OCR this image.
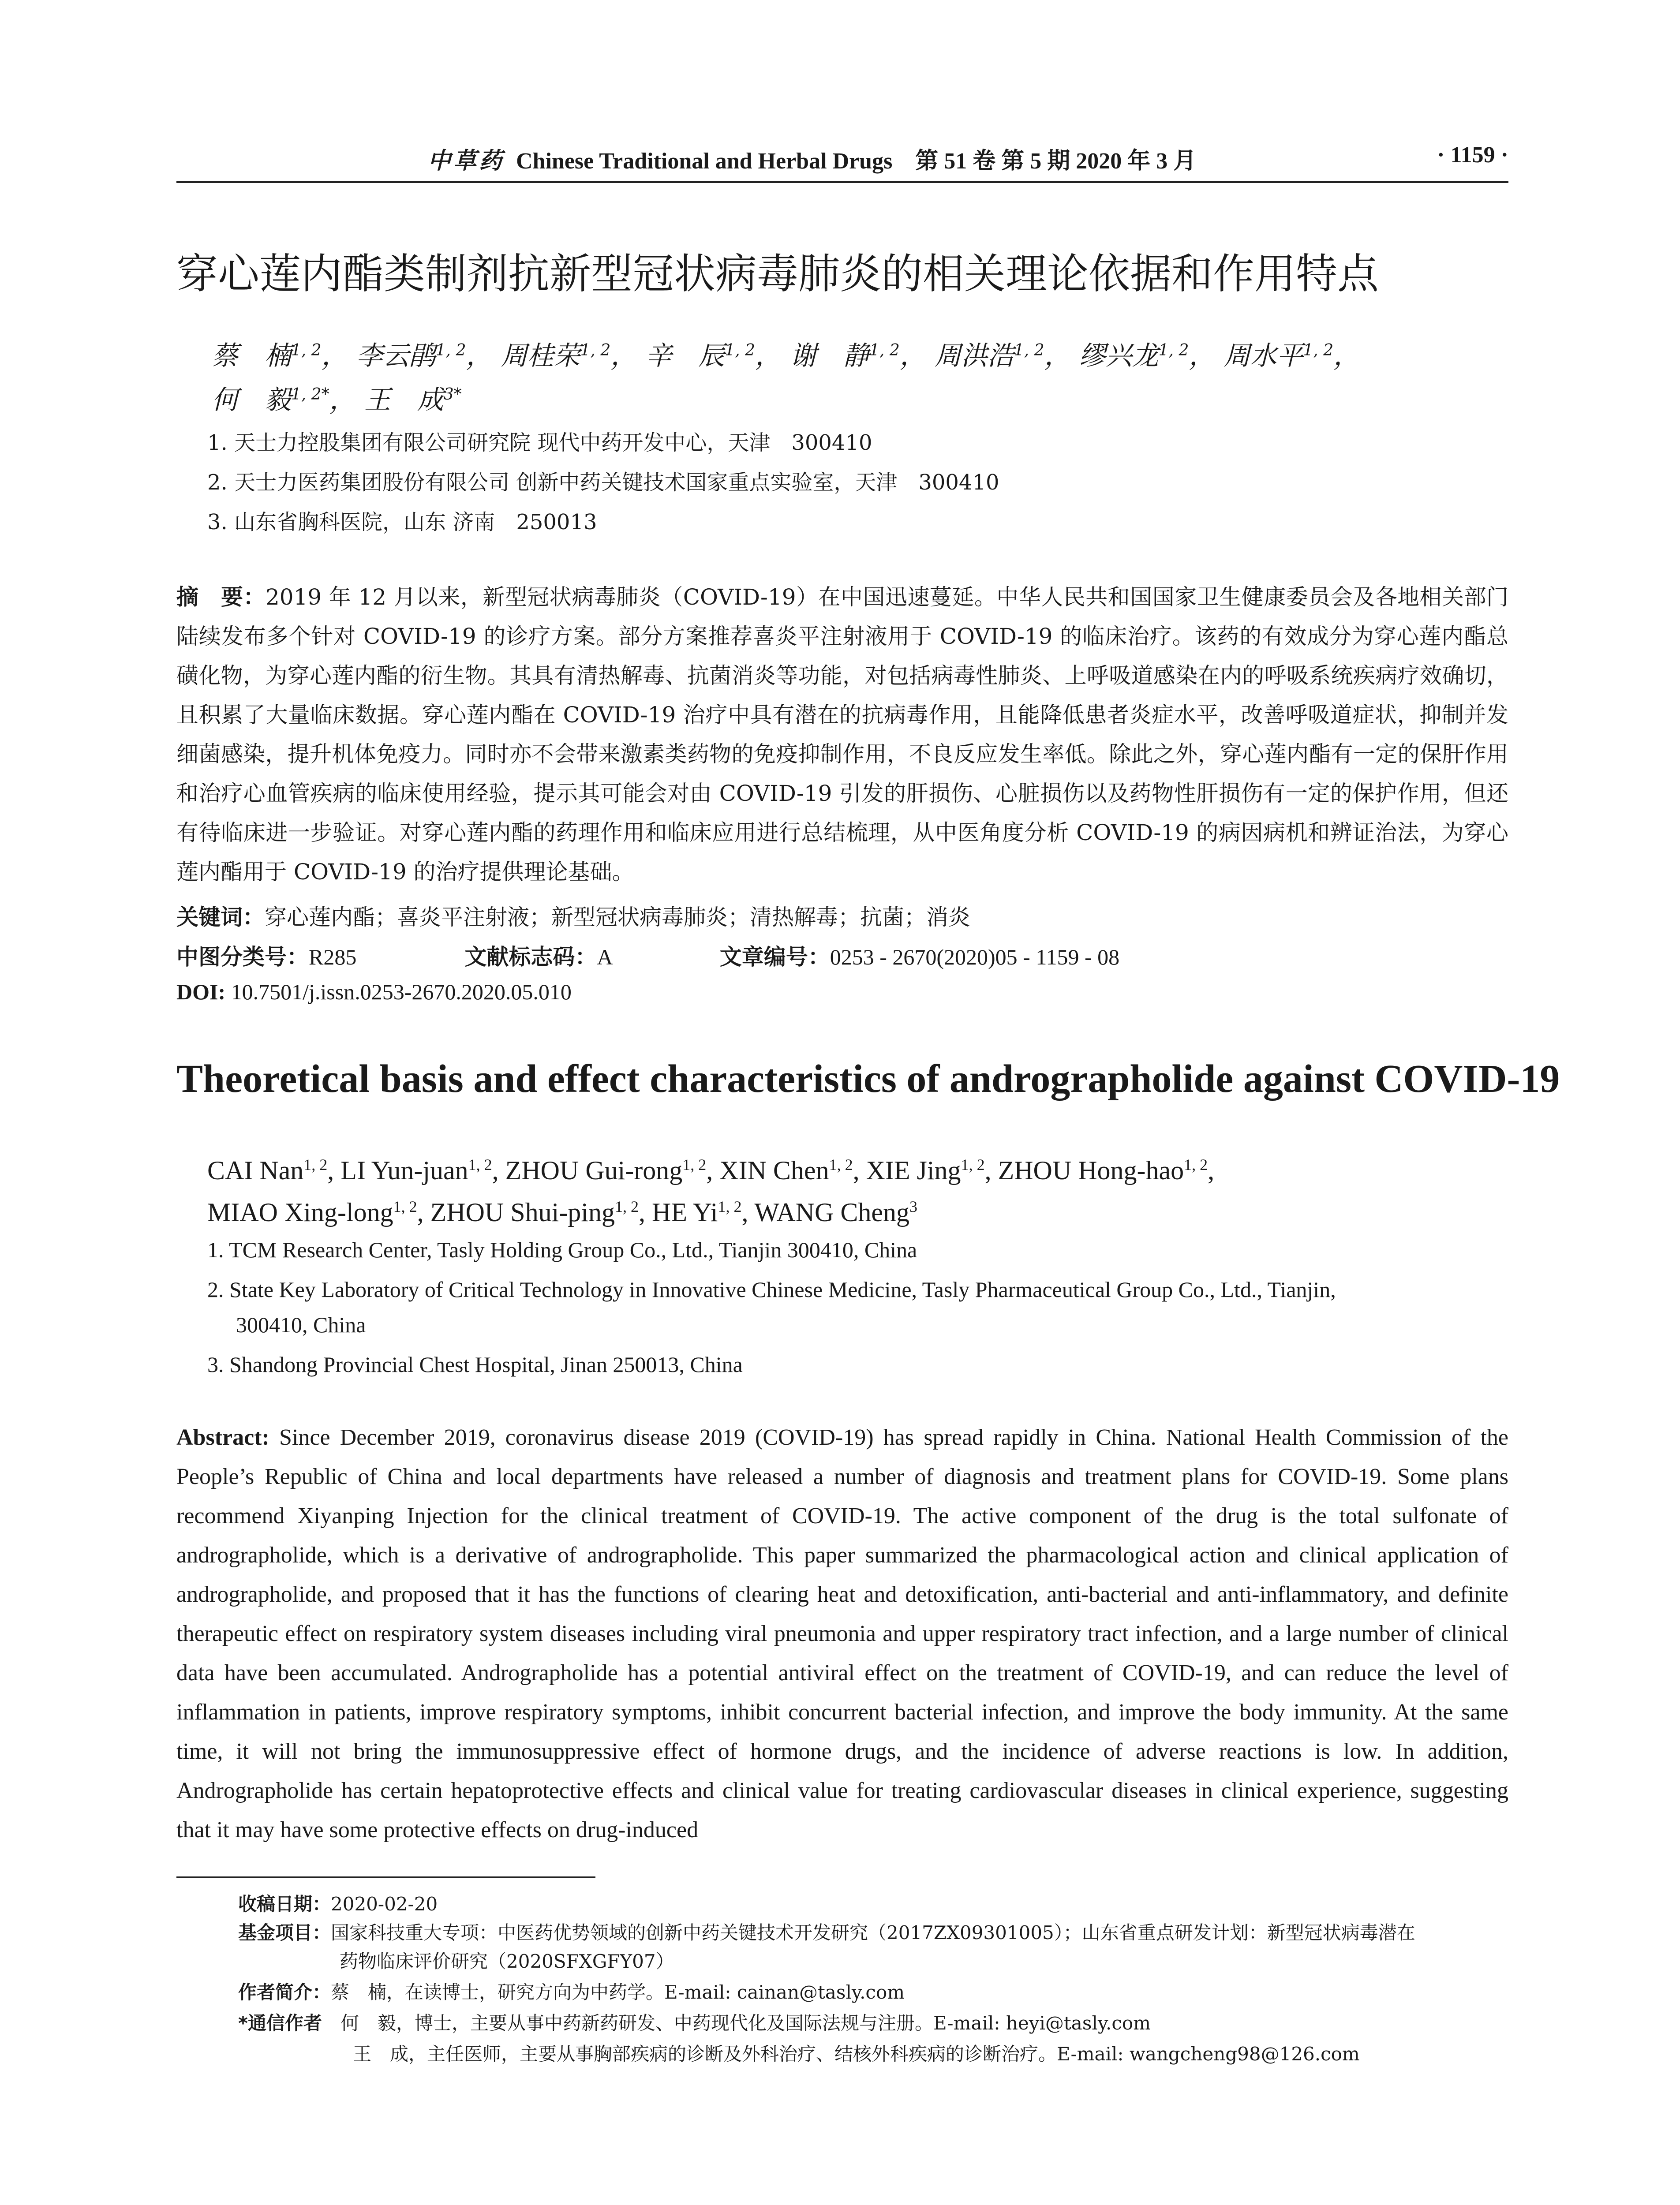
中草药 Chinese Traditional and Herbal Drugs　第 51 卷 第 5 期 2020 年 3 月	· 1159 ·
穿心莲内酯类制剂抗新型冠状病毒肺炎的相关理论依据和作用特点
蔡　楠$^{1, 2}$， 李云鹃$^{1, 2}$， 周桂荣$^{1, 2}$， 辛　辰$^{1, 2}$， 谢　静$^{1, 2}$， 周洪浩$^{1, 2}$， 缪兴龙$^{1, 2}$， 周水平$^{1, 2}$，
何　毅$^{1, 2*}$， 王　成$^{3*}$
1. 天士力控股集团有限公司研究院 现代中药开发中心，天津　300410
2. 天士力医药集团股份有限公司 创新中药关键技术国家重点实验室，天津　300410
3. 山东省胸科医院，山东 济南　250013
摘　要：2019 年 12 月以来，新型冠状病毒肺炎（COVID-19）在中国迅速蔓延。中华人民共和国国家卫生健康委员会及各地相关部门陆续发布多个针对 COVID-19 的诊疗方案。部分方案推荐喜炎平注射液用于 COVID-19 的临床治疗。该药的有效成分为穿心莲内酯总磺化物，为穿心莲内酯的衍生物。其具有清热解毒、抗菌消炎等功能，对包括病毒性肺炎、上呼吸道感染在内的呼吸系统疾病疗效确切，且积累了大量临床数据。穿心莲内酯在 COVID-19 治疗中具有潜在的抗病毒作用，且能降低患者炎症水平，改善呼吸道症状，抑制并发细菌感染，提升机体免疫力。同时亦不会带来激素类药物的免疫抑制作用，不良反应发生率低。除此之外，穿心莲内酯有一定的保肝作用和治疗心血管疾病的临床使用经验，提示其可能会对由 COVID-19 引发的肝损伤、心脏损伤以及药物性肝损伤有一定的保护作用，但还有待临床进一步验证。对穿心莲内酯的药理作用和临床应用进行总结梳理，从中医角度分析 COVID-19 的病因病机和辨证治法，为穿心莲内酯用于 COVID-19 的治疗提供理论基础。
关键词：穿心莲内酯；喜炎平注射液；新型冠状病毒肺炎；清热解毒；抗菌；消炎
中图分类号：R285	文献标志码：A	文章编号：0253 - 2670(2020)05 - 1159 - 08
DOI: 10.7501/j.issn.0253-2670.2020.05.010
Theoretical basis and effect characteristics of andrographolide against COVID-19
CAI Nan$^{1, 2}$, LI Yun-juan$^{1, 2}$, ZHOU Gui-rong$^{1, 2}$, XIN Chen$^{1, 2}$, XIE Jing$^{1, 2}$, ZHOU Hong-hao$^{1, 2}$,
MIAO Xing-long$^{1, 2}$, ZHOU Shui-ping$^{1, 2}$, HE Yi$^{1, 2}$, WANG Cheng$^3$
1. TCM Research Center, Tasly Holding Group Co., Ltd., Tianjin 300410, China
2. State Key Laboratory of Critical Technology in Innovative Chinese Medicine, Tasly Pharmaceutical Group Co., Ltd., Tianjin,
300410, China
3. Shandong Provincial Chest Hospital, Jinan 250013, China
Abstract: Since December 2019, coronavirus disease 2019 (COVID-19) has spread rapidly in China. National Health Commission of the People’s Republic of China and local departments have released a number of diagnosis and treatment plans for COVID-19. Some plans recommend Xiyanping Injection for the clinical treatment of COVID-19. The active component of the drug is the total sulfonate of andrographolide, which is a derivative of andrographolide. This paper summarized the pharmacological action and clinical application of andrographolide, and proposed that it has the functions of clearing heat and detoxification, anti-bacterial and anti-inflammatory, and definite therapeutic effect on respiratory system diseases including viral pneumonia and upper respiratory tract infection, and a large number of clinical data have been accumulated. Andrographolide has a potential antiviral effect on the treatment of COVID-19, and can reduce the level of inflammation in patients, improve respiratory symptoms, inhibit concurrent bacterial infection, and improve the body immunity. At the same time, it will not bring the immunosuppressive effect of hormone drugs, and the incidence of adverse reactions is low. In addition, Andrographolide has certain hepatoprotective effects and clinical value for treating cardiovascular diseases in clinical experience, suggesting that it may have some protective effects on drug-induced
收稿日期：2020-02-20
基金项目：国家科技重大专项：中医药优势领域的创新中药关键技术开发研究（2017ZX09301005）；山东省重点研发计划：新型冠状病毒潜在
药物临床评价研究（2020SFXGFY07）
作者简介：蔡　楠，在读博士，研究方向为中药学。E-mail: cainan@tasly.com
*通信作者　 何　毅，博士，主要从事中药新药研发、中药现代化及国际法规与注册。E-mail: heyi@tasly.com
王　成，主任医师，主要从事胸部疾病的诊断及外科治疗、结核外科疾病的诊断治疗。E-mail: wangcheng98@126.com
